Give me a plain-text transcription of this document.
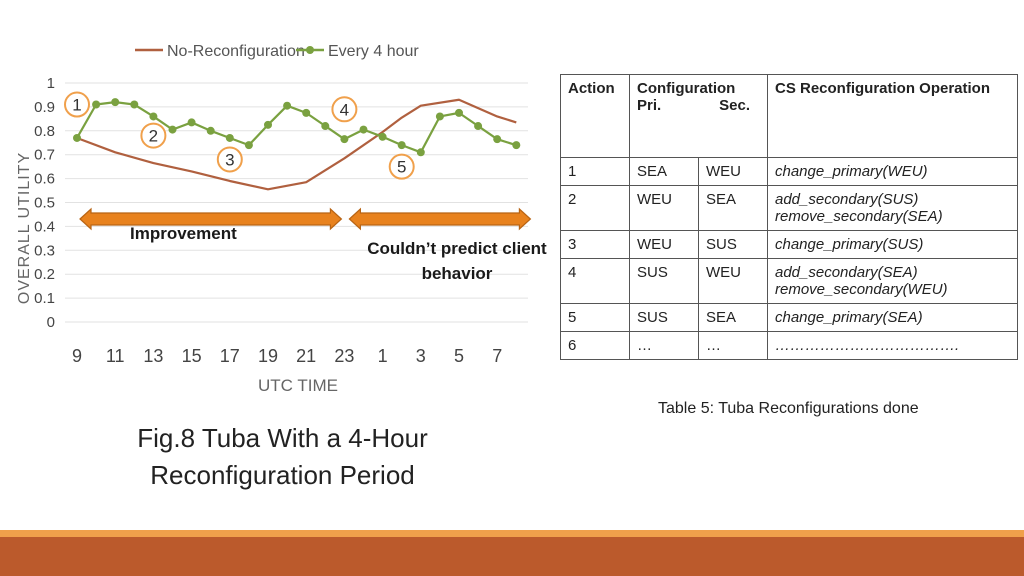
0
0.1
0.2
0.3
0.4
0.5
0.6
0.7
0.8
0.9
1
9 11 13 15 17 19 21 23 1 3 5 7
OVERALL UTILITY
UTC TIME
No-Reconfiguration Every 4 hour
1
2
3
4
5
Improvement
Couldn’t predict client behavior
Action	Configuration
Pri. Sec.		CS Reconfiguration Operation
1	SEA	WEU	change_primary(WEU)
2	WEU	SEA	add_secondary(SUS)
remove_secondary(SEA)
3	WEU	SUS	change_primary(SUS)
4	SUS	WEU	add_secondary(SEA)
remove_secondary(WEU)
5	SUS	SEA	change_primary(SEA)
6	…	…	……………………………….
Table 5: Tuba Reconfigurations done
Fig.8 Tuba With a 4-Hour Reconfiguration Period
